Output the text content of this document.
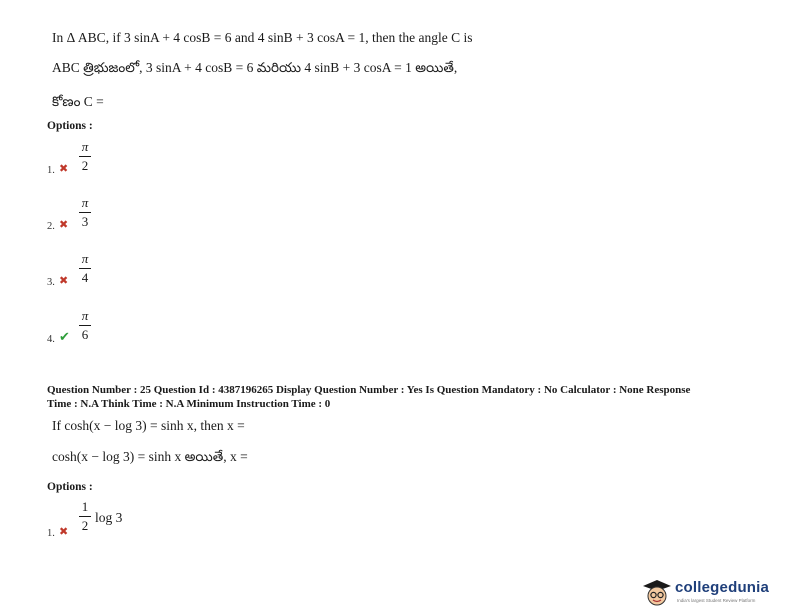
In Δ ABC, if 3 sinA + 4 cosB = 6 and 4 sinB + 3 cosA = 1, then the angle C is
ABC త్రిభుజంలో, 3 sinA + 4 cosB = 6 మరియు 4 sinB + 3 cosA = 1 అయితే,
కోణం C =
Options :
1. ✖
π
2
2. ✖
π
3
3. ✖
π
4
4. ✔
π
6
Question Number : 25 Question Id : 4387196265 Display Question Number : Yes Is Question Mandatory : No Calculator : None Response
Time : N.A Think Time : N.A Minimum Instruction Time : 0
If cosh(x − log 3) = sinh x, then x =
cosh(x − log 3) = sinh x అయితే, x =
Options :
1. ✖
1
2
log 3
collegedunia
India's largest Student Review Platform
